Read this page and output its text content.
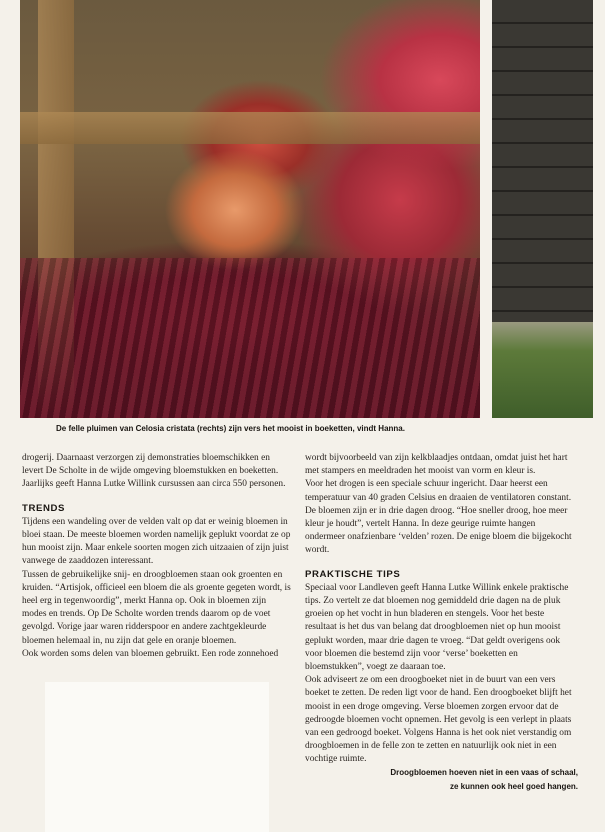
De felle pluimen van Celosia cristata (rechts) zijn vers het mooist in boeketten, vindt Hanna.

drogerij. Daarnaast verzorgen zij demonstraties bloemschikken en levert De Scholte in de wijde omgeving bloemstukken en boeketten. Jaarlijks geeft Hanna Lutke Willink cursussen aan circa 550 personen.

TRENDS

Tijdens een wandeling over de velden valt op dat er weinig bloemen in bloei staan. De meeste bloemen worden namelijk geplukt voordat ze op hun mooist zijn. Maar enkele soorten mogen zich uitzaaien of zijn juist vanwege de zaaddozen interessant.

Tussen de gebruikelijke snij- en droogbloemen staan ook groenten en kruiden. “Artisjok, officieel een bloem die als groente gegeten wordt, is heel erg in tegenwoordig”, merkt Hanna op. Ook in bloemen zijn modes en trends. Op De Scholte worden trends daarom op de voet gevolgd. Vorige jaar waren ridderspoor en andere zachtgekleurde bloemen helemaal in, nu zijn dat gele en oranje bloemen.

Ook worden soms delen van bloemen gebruikt. Een rode zonnehoed

wordt bijvoorbeeld van zijn kelkblaadjes ontdaan, omdat juist het hart met stampers en meeldraden het mooist van vorm en kleur is.

Voor het drogen is een speciale schuur ingericht. Daar heerst een temperatuur van 40 graden Celsius en draaien de ventilatoren constant. De bloemen zijn er in drie dagen droog. “Hoe sneller droog, hoe meer kleur je houdt”, vertelt Hanna. In deze geurige ruimte hangen ondermeer onafzienbare ‘velden’ rozen. De enige bloem die bijgekocht wordt.

PRAKTISCHE TIPS

Speciaal voor Landleven geeft Hanna Lutke Willink enkele praktische tips. Zo vertelt ze dat bloemen nog gemiddeld drie dagen na de pluk groeien op het vocht in hun bladeren en stengels. Voor het beste resultaat is het dus van belang dat droogbloemen niet op hun mooist geplukt worden, maar drie dagen te vroeg. “Dat geldt overigens ook voor bloemen die bestemd zijn voor ‘verse’ boeketten en bloemstukken”, voegt ze daaraan toe.

Ook adviseert ze om een droogboeket niet in de buurt van een vers boeket te zetten. De reden ligt voor de hand. Een droogboeket blijft het mooist in een droge omgeving. Verse bloemen zorgen ervoor dat de gedroogde bloemen vocht opnemen. Het gevolg is een verlept in plaats van een gedroogd boeket. Volgens Hanna is het ook niet verstandig om droogbloemen in de felle zon te zetten en natuurlijk ook niet in een vochtige ruimte.

Droogbloemen hoeven niet in een vaas of schaal,
ze kunnen ook heel goed hangen.
